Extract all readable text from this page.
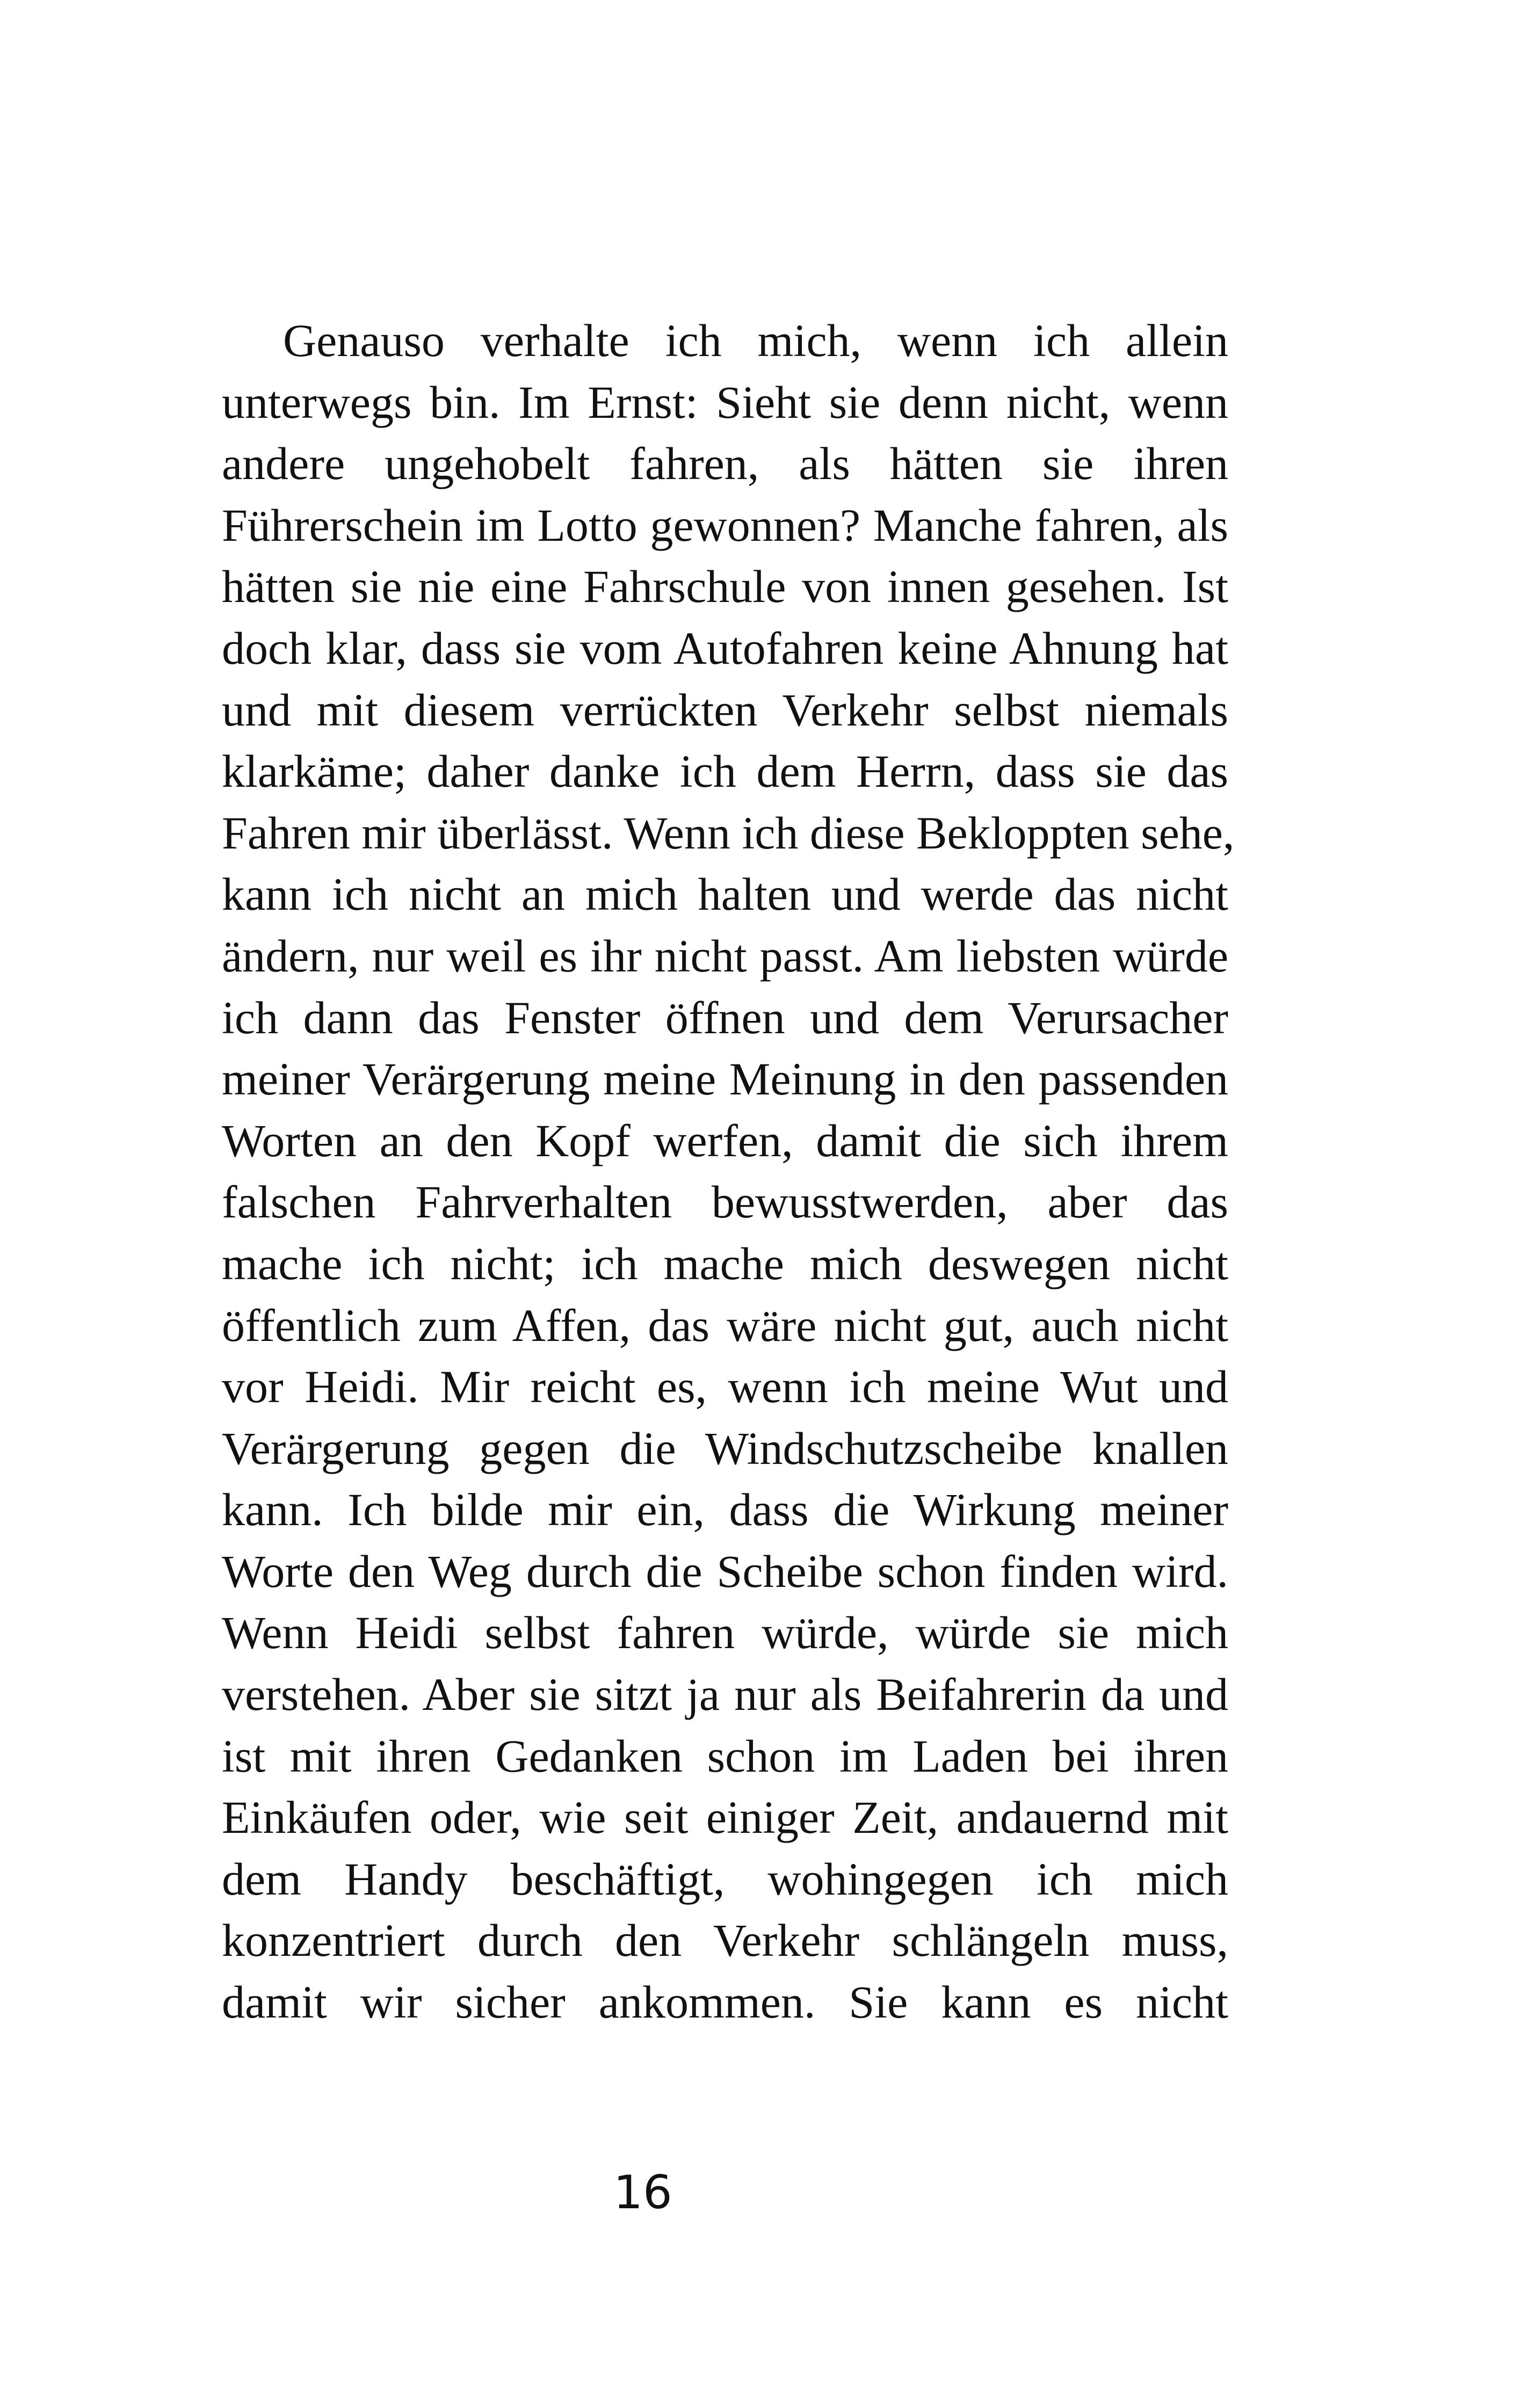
Genauso verhalte ich mich, wenn ich allein
unterwegs bin. Im Ernst: Sieht sie denn nicht, wenn
andere ungehobelt fahren, als hätten sie ihren
Führerschein im Lotto gewonnen? Manche fahren, als
hätten sie nie eine Fahrschule von innen gesehen. Ist
doch klar, dass sie vom Autofahren keine Ahnung hat
und mit diesem verrückten Verkehr selbst niemals
klarkäme; daher danke ich dem Herrn, dass sie das
Fahren mir überlässt. Wenn ich diese Bekloppten sehe,
kann ich nicht an mich halten und werde das nicht
ändern, nur weil es ihr nicht passt. Am liebsten würde
ich dann das Fenster öffnen und dem Verursacher
meiner Verärgerung meine Meinung in den passenden
Worten an den Kopf werfen, damit die sich ihrem
falschen Fahrverhalten bewusstwerden, aber das
mache ich nicht; ich mache mich deswegen nicht
öffentlich zum Affen, das wäre nicht gut, auch nicht
vor Heidi. Mir reicht es, wenn ich meine Wut und
Verärgerung gegen die Windschutzscheibe knallen
kann. Ich bilde mir ein, dass die Wirkung meiner
Worte den Weg durch die Scheibe schon finden wird.
Wenn Heidi selbst fahren würde, würde sie mich
verstehen. Aber sie sitzt ja nur als Beifahrerin da und
ist mit ihren Gedanken schon im Laden bei ihren
Einkäufen oder, wie seit einiger Zeit, andauernd mit
dem Handy beschäftigt, wohingegen ich mich
konzentriert durch den Verkehr schlängeln muss,
damit wir sicher ankommen. Sie kann es nicht
16
